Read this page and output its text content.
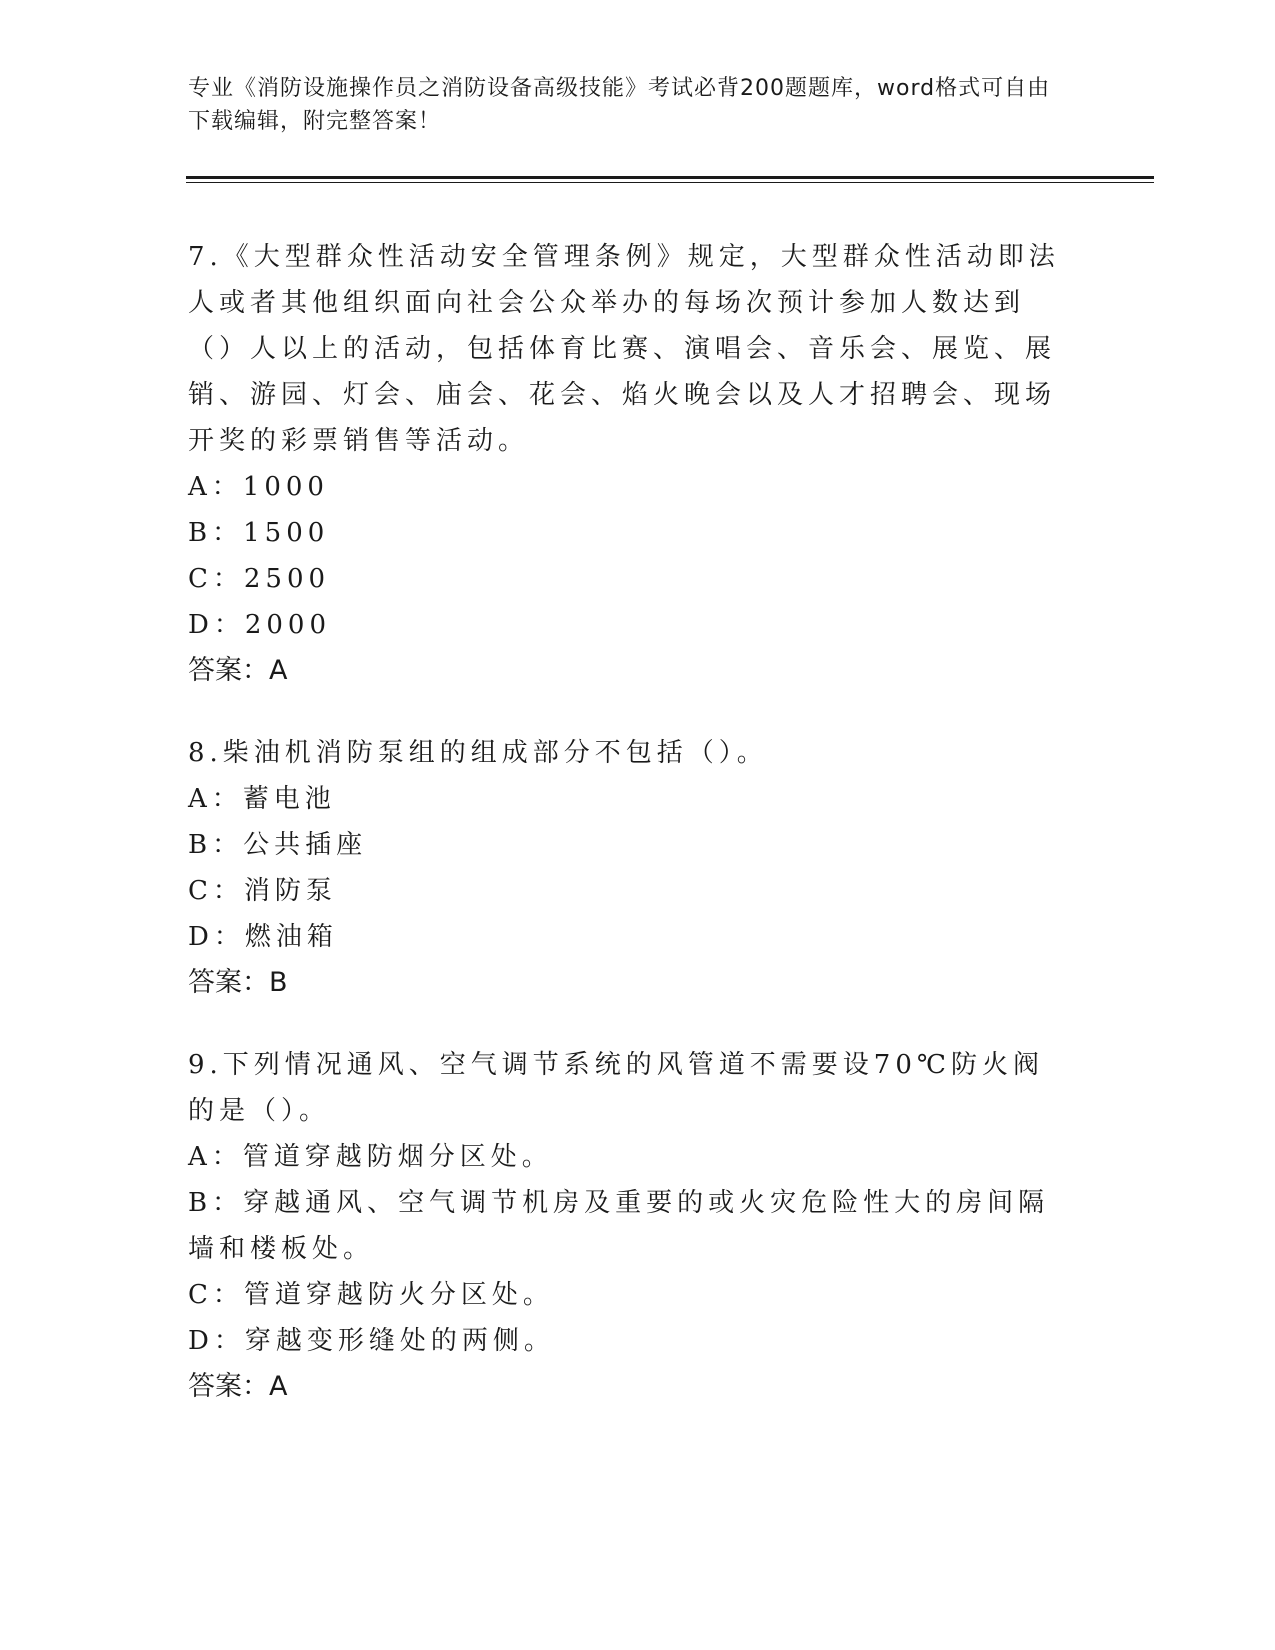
专业《消防设施操作员之消防设备高级技能》考试必背200题题库，word格式可自由下载编辑，附完整答案！

7.《大型群众性活动安全管理条例》规定，大型群众性活动即法人或者其他组织面向社会公众举办的每场次预计参加人数达到（）人以上的活动，包括体育比赛、演唱会、音乐会、展览、展销、游园、灯会、庙会、花会、焰火晚会以及人才招聘会、现场开奖的彩票销售等活动。

A：1000

B：1500

C：2500

D：2000

答案：A

8.柴油机消防泵组的组成部分不包括（）。

A：蓄电池

B：公共插座

C：消防泵

D：燃油箱

答案：B

9.下列情况通风、空气调节系统的风管道不需要设70℃防火阀的是（）。

A：管道穿越防烟分区处。

B：穿越通风、空气调节机房及重要的或火灾危险性大的房间隔墙和楼板处。

C：管道穿越防火分区处。

D：穿越变形缝处的两侧。

答案：A
